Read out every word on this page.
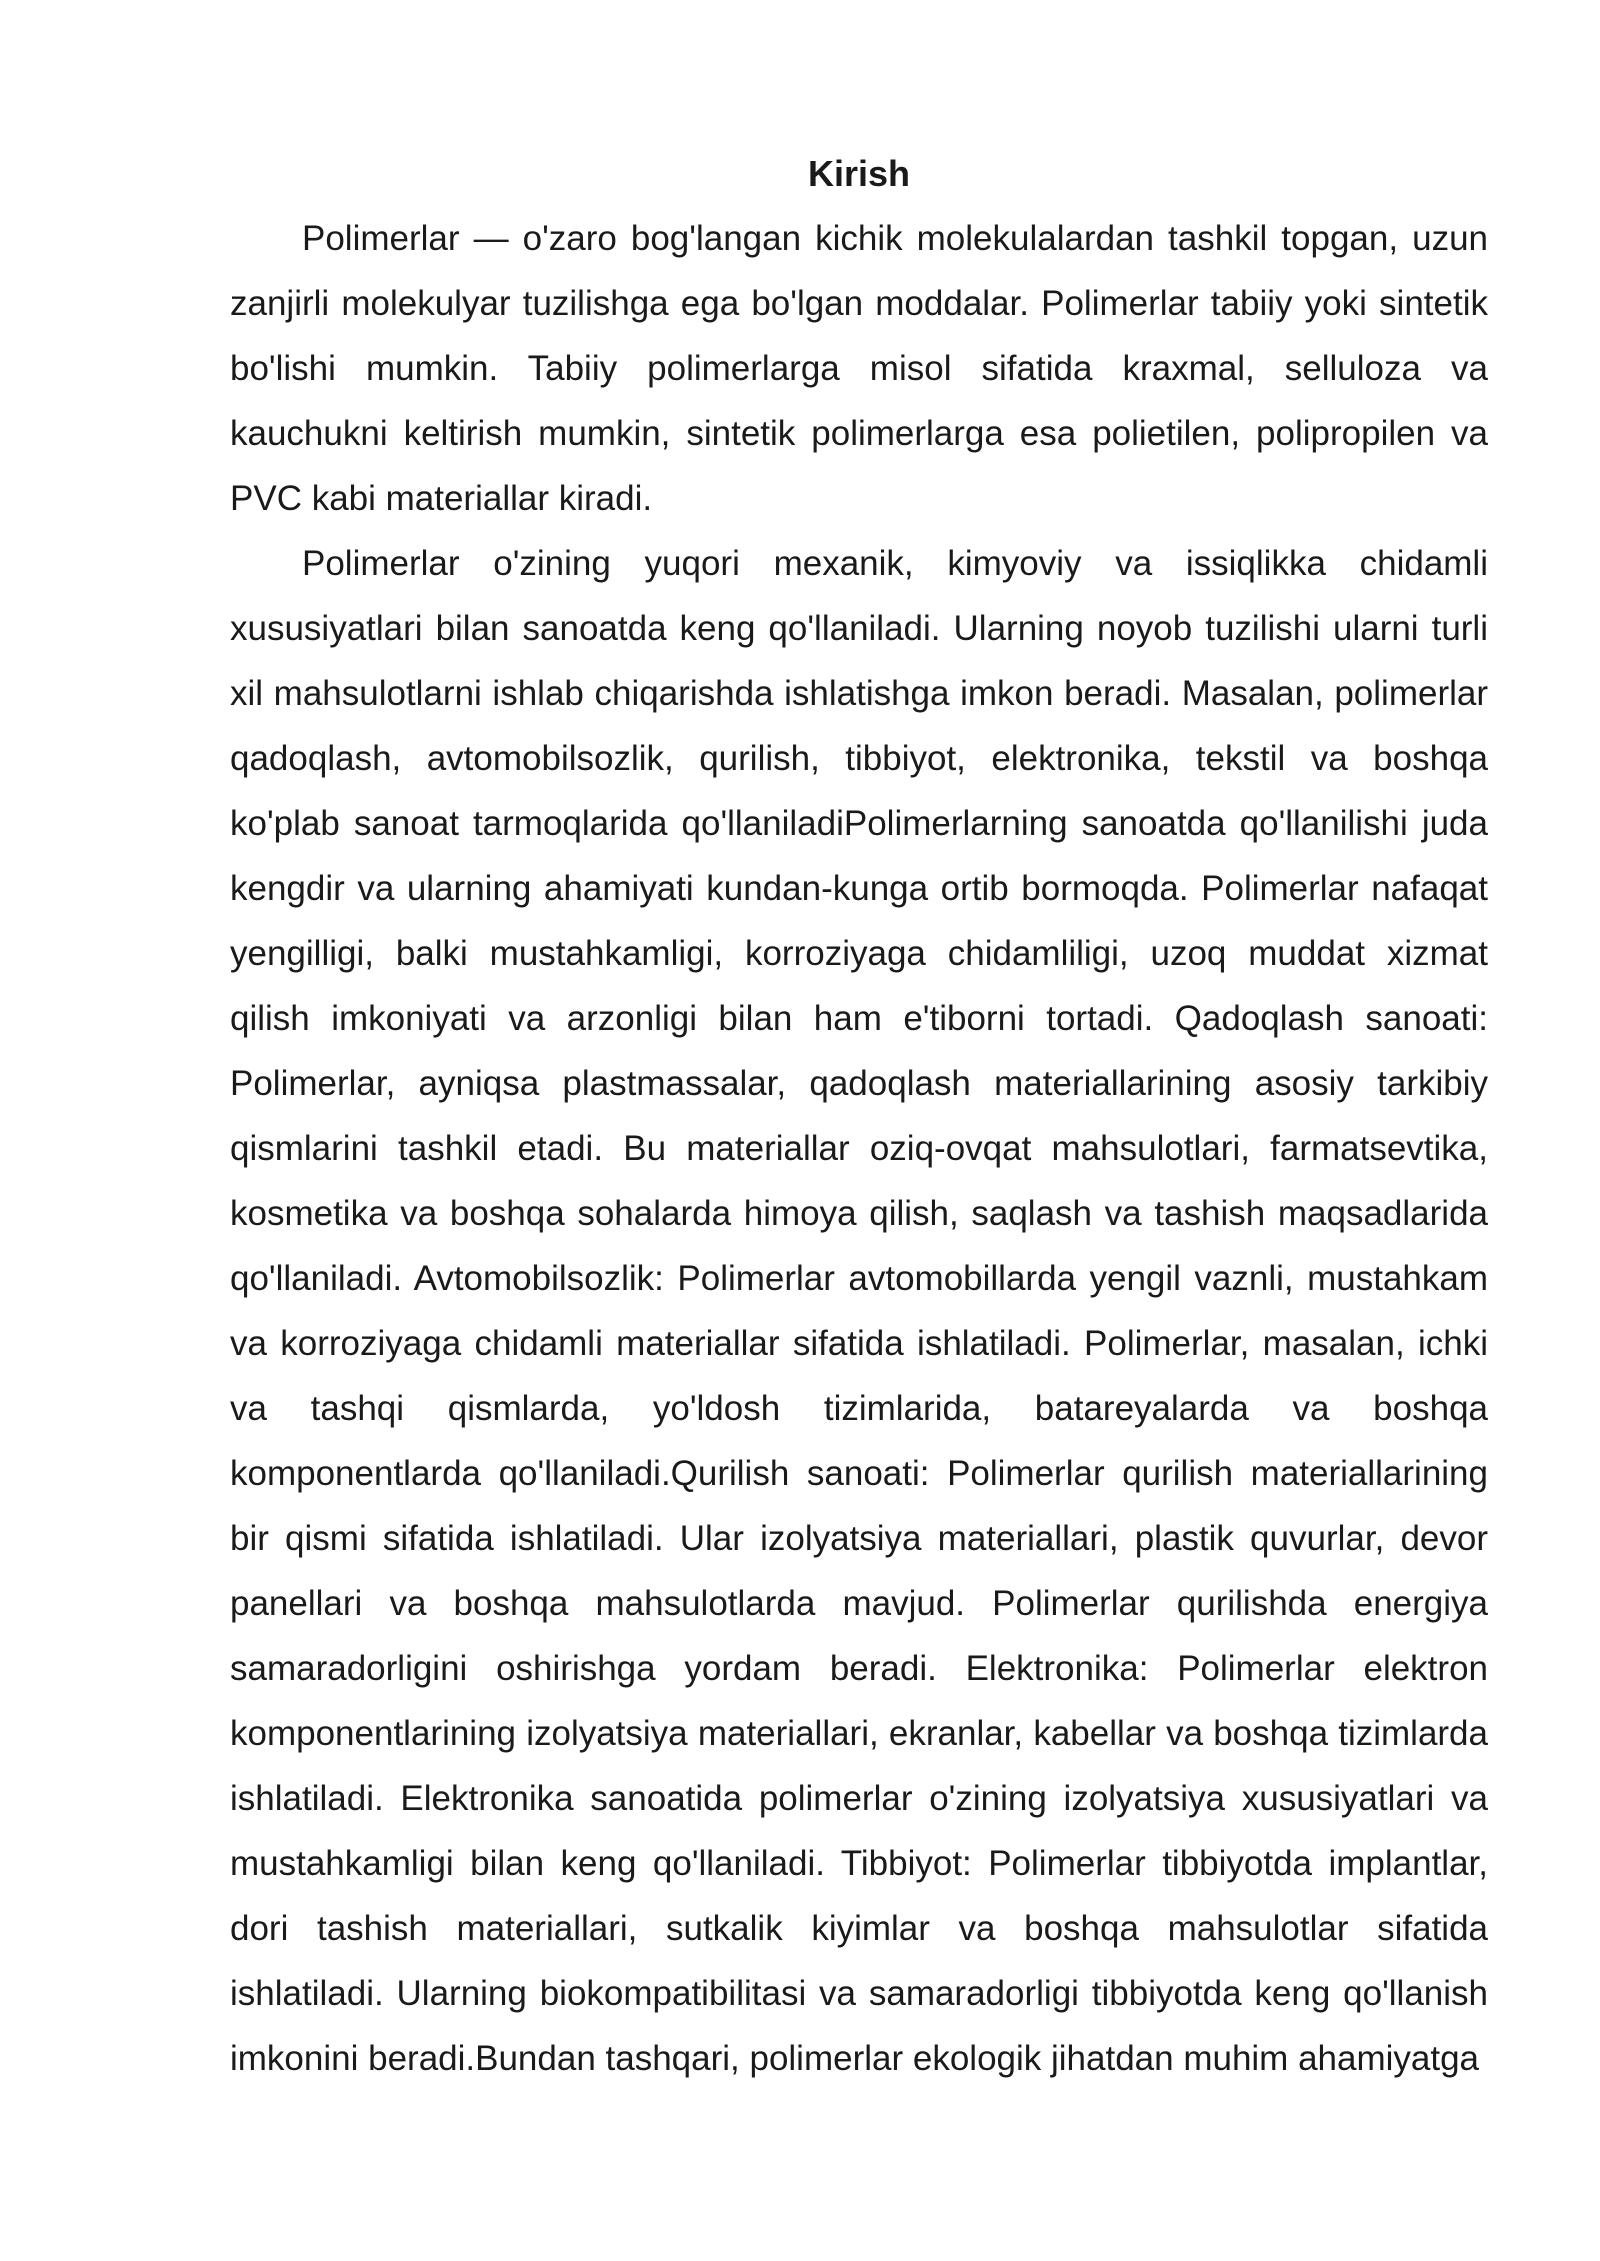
Kirish

Polimerlar — o'zaro bog'langan kichik molekulalardan tashkil topgan, uzun zanjirli molekulyar tuzilishga ega bo'lgan moddalar. Polimerlar tabiiy yoki sintetik bo'lishi mumkin. Tabiiy polimerlarga misol sifatida kraxmal, selluloza va kauchukni keltirish mumkin, sintetik polimerlarga esa polietilen, polipropilen va PVC kabi materiallar kiradi.

Polimerlar o'zining yuqori mexanik, kimyoviy va issiqlikka chidamli xususiyatlari bilan sanoatda keng qo'llaniladi. Ularning noyob tuzilishi ularni turli xil mahsulotlarni ishlab chiqarishda ishlatishga imkon beradi. Masalan, polimerlar qadoqlash, avtomobilsozlik, qurilish, tibbiyot, elektronika, tekstil va boshqa ko'plab sanoat tarmoqlarida qo'llaniladiPolimerlarning sanoatda qo'llanilishi juda kengdir va ularning ahamiyati kundan-kunga ortib bormoqda. Polimerlar nafaqat yengilligi, balki mustahkamligi, korroziyaga chidamliligi, uzoq muddat xizmat qilish imkoniyati va arzonligi bilan ham e'tiborni tortadi. Qadoqlash sanoati: Polimerlar, ayniqsa plastmassalar, qadoqlash materiallarining asosiy tarkibiy qismlarini tashkil etadi. Bu materiallar oziq-ovqat mahsulotlari, farmatsevtika, kosmetika va boshqa sohalarda himoya qilish, saqlash va tashish maqsadlarida qo'llaniladi. Avtomobilsozlik: Polimerlar avtomobillarda yengil vaznli, mustahkam va korroziyaga chidamli materiallar sifatida ishlatiladi. Polimerlar, masalan, ichki va tashqi qismlarda, yo'ldosh tizimlarida, batareyalarda va boshqa komponentlarda qo'llaniladi.Qurilish sanoati: Polimerlar qurilish materiallarining bir qismi sifatida ishlatiladi. Ular izolyatsiya materiallari, plastik quvurlar, devor panellari va boshqa mahsulotlarda mavjud. Polimerlar qurilishda energiya samaradorligini oshirishga yordam beradi. Elektronika: Polimerlar elektron komponentlarining izolyatsiya materiallari, ekranlar, kabellar va boshqa tizimlarda ishlatiladi. Elektronika sanoatida polimerlar o'zining izolyatsiya xususiyatlari va mustahkamligi bilan keng qo'llaniladi. Tibbiyot: Polimerlar tibbiyotda implantlar, dori tashish materiallari, sutkalik kiyimlar va boshqa mahsulotlar sifatida ishlatiladi. Ularning biokompatibilitasi va samaradorligi tibbiyotda keng qo'llanish imkonini beradi.Bundan tashqari, polimerlar ekologik jihatdan muhim ahamiyatga
